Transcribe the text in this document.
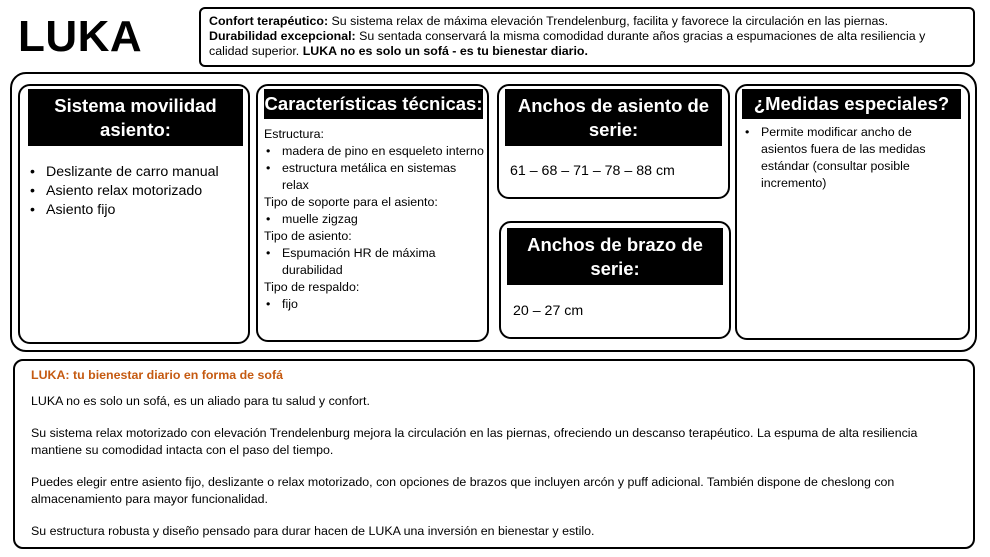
LUKA	Confort terapéutico: Su sistema relax de máxima elevación Trendelenburg, facilita y favorece la circulación en las piernas.

Durabilidad excepcional: Su sentada conservará la misma comodidad durante años gracias a espumaciones de alta resiliencia y calidad superior. LUKA no es solo un sofá - es tu bienestar diario.

Sistema movilidad asiento:
• Deslizante de carro manual
• Asiento relax motorizado
• Asiento fijo
Características técnicas:
Estructura:
• madera de pino en esqueleto interno
• estructura metálica en sistemas relax
Tipo de soporte para el asiento:
• muelle zigzag
Tipo de asiento:
• Espumación HR de máxima durabilidad
Tipo de respaldo:
• fijo
Anchos de asiento de serie:
61 – 68 – 71 – 78 – 88 cm
Anchos de brazo de serie:
20 – 27 cm
¿Medidas especiales?
• Permite modificar ancho de asientos fuera de las medidas estándar (consultar posible incremento)

LUKA: tu bienestar diario en forma de sofá

LUKA no es solo un sofá, es un aliado para tu salud y confort.

Su sistema relax motorizado con elevación Trendelenburg mejora la circulación en las piernas, ofreciendo un descanso terapéutico. La espuma de alta resiliencia mantiene su comodidad intacta con el paso del tiempo.

Puedes elegir entre asiento fijo, deslizante o relax motorizado, con opciones de brazos que incluyen arcón y puff adicional. También dispone de cheslong con almacenamiento para mayor funcionalidad.

Su estructura robusta y diseño pensado para durar hacen de LUKA una inversión en bienestar y estilo.
